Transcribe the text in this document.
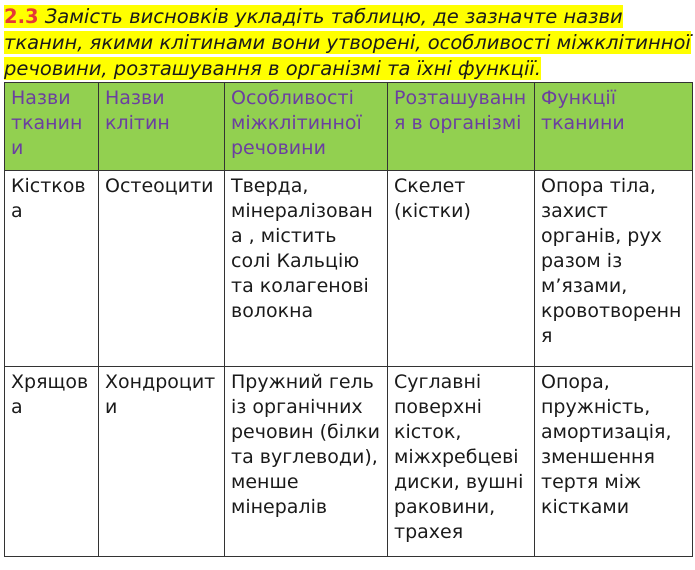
2.3 Замість висновків укладіть таблицю, де зазначте назви тканин, якими клітинами вони утворені, особливості міжклітинної речовини, розташування в організмі та їхні функції.
Назви тканини	Назви клітин	Особливості міжклітинної речовини	Розташуванн я в організмі	Функції тканини
Кісткова	Остеоцити	Тверда, мінералізована , містить солі Кальцію та колагенові волокна	Скелет (кістки)	Опора тіла, захист органів, рух разом із м’язами, кровотворенн я
Хрящов а	Хондроцит и	Пружний гель із органічних речовин (білки та вуглеводи), менше мінералів	Суглавні поверхні кісток, міжхребцеві диски, вушні раковини, трахея	Опора, пружність, амортизація, зменшення тертя між кістками
